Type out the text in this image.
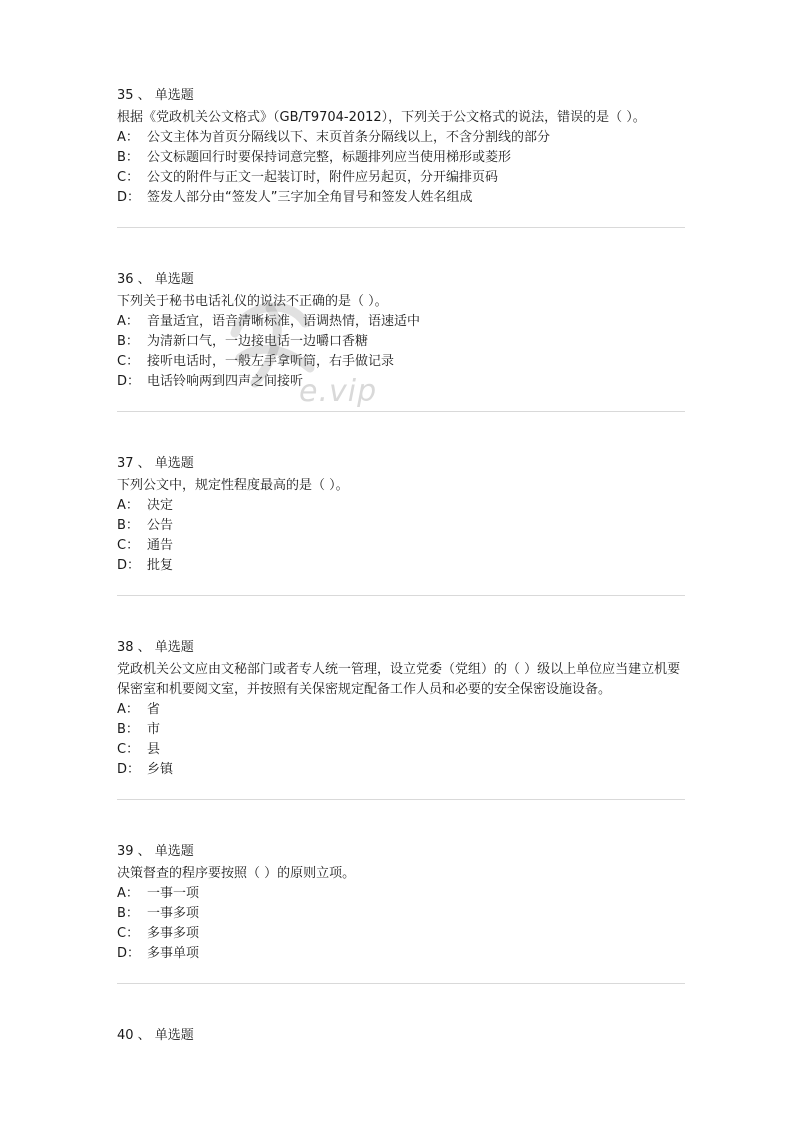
35 、 单选题
根据《党政机关公文格式》（GB/T9704-2012），下列关于公文格式的说法，错误的是（ ）。
A： 公文主体为首页分隔线以下、末页首条分隔线以上，不含分割线的部分
B： 公文标题回行时要保持词意完整，标题排列应当使用梯形或菱形
C： 公文的附件与正文一起装订时，附件应另起页，分开编排页码
D： 签发人部分由“签发人”三字加全角冒号和签发人姓名组成
36 、 单选题
下列关于秘书电话礼仪的说法不正确的是（ ）。
A： 音量适宜，语音清晰标准，语调热情，语速适中
B： 为清新口气，一边接电话一边嚼口香糖
C： 接听电话时，一般左手拿听筒，右手做记录
D： 电话铃响两到四声之间接听
37 、 单选题
下列公文中，规定性程度最高的是（ ）。
A： 决定
B： 公告
C： 通告
D： 批复
38 、 单选题
党政机关公文应由文秘部门或者专人统一管理，设立党委（党组）的（ ）级以上单位应当建立机要保密室和机要阅文室，并按照有关保密规定配备工作人员和必要的安全保密设施设备。
A： 省
B： 市
C： 县
D： 乡镇
39 、 单选题
决策督查的程序要按照（ ）的原则立项。
A： 一事一项
B： 一事多项
C： 多事多项
D： 多事单项
40 、 单选题
e.vip
